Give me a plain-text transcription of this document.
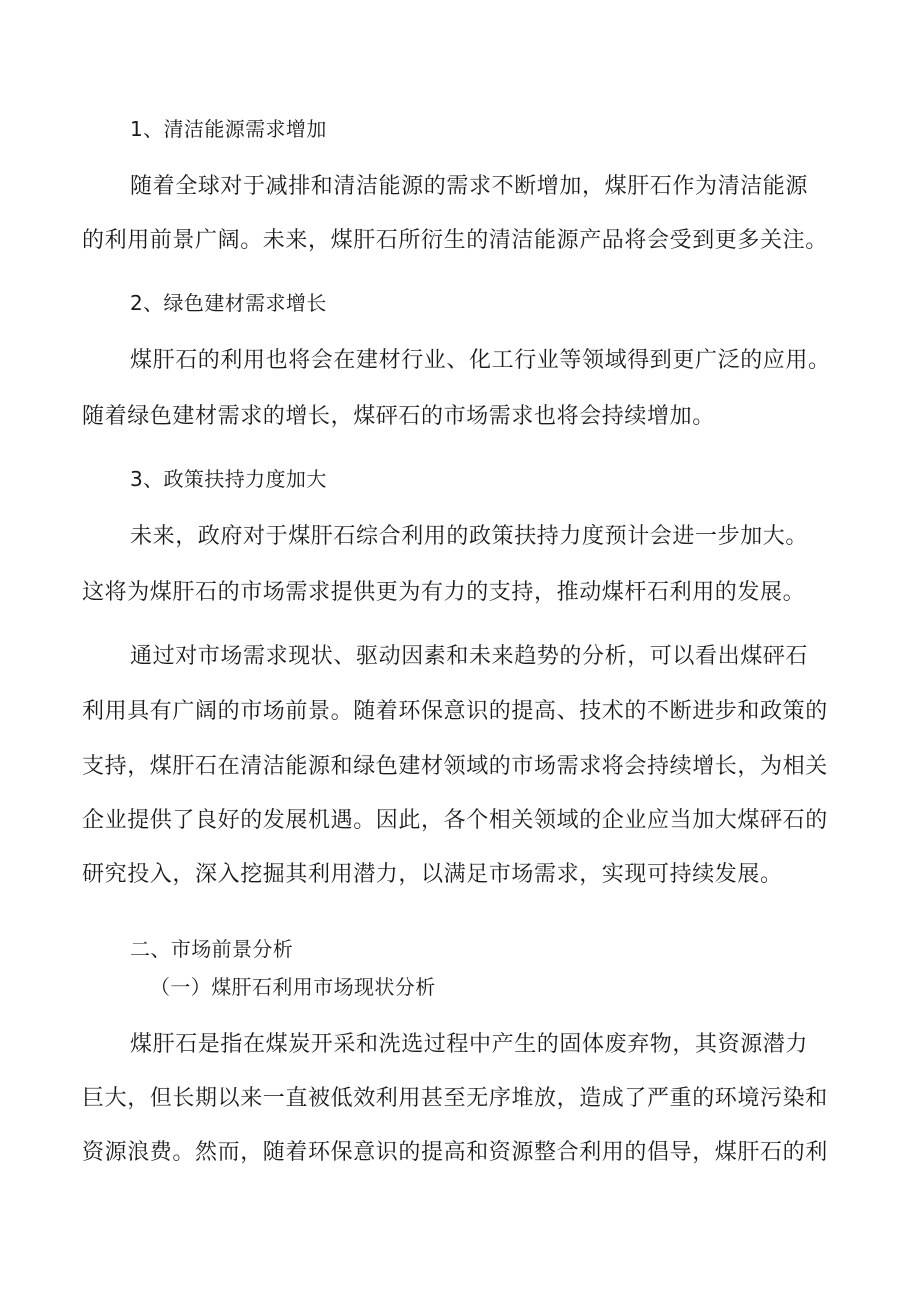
1、清洁能源需求增加
随着全球对于减排和清洁能源的需求不断增加，煤肝石作为清洁能源
的利用前景广阔。未来，煤肝石所衍生的清洁能源产品将会受到更多关注。
2、绿色建材需求增长
煤肝石的利用也将会在建材行业、化工行业等领域得到更广泛的应用。
随着绿色建材需求的增长，煤砰石的市场需求也将会持续增加。
3、政策扶持力度加大
未来，政府对于煤肝石综合利用的政策扶持力度预计会进一步加大。
这将为煤肝石的市场需求提供更为有力的支持，推动煤杆石利用的发展。
通过对市场需求现状、驱动因素和未来趋势的分析，可以看出煤砰石
利用具有广阔的市场前景。随着环保意识的提高、技术的不断进步和政策的
支持，煤肝石在清洁能源和绿色建材领域的市场需求将会持续增长，为相关
企业提供了良好的发展机遇。因此，各个相关领域的企业应当加大煤砰石的
研究投入，深入挖掘其利用潜力，以满足市场需求，实现可持续发展。
二、市场前景分析
（一）煤肝石利用市场现状分析
煤肝石是指在煤炭开采和洗选过程中产生的固体废弃物，其资源潜力
巨大，但长期以来一直被低效利用甚至无序堆放，造成了严重的环境污染和
资源浪费。然而，随着环保意识的提高和资源整合利用的倡导，煤肝石的利
